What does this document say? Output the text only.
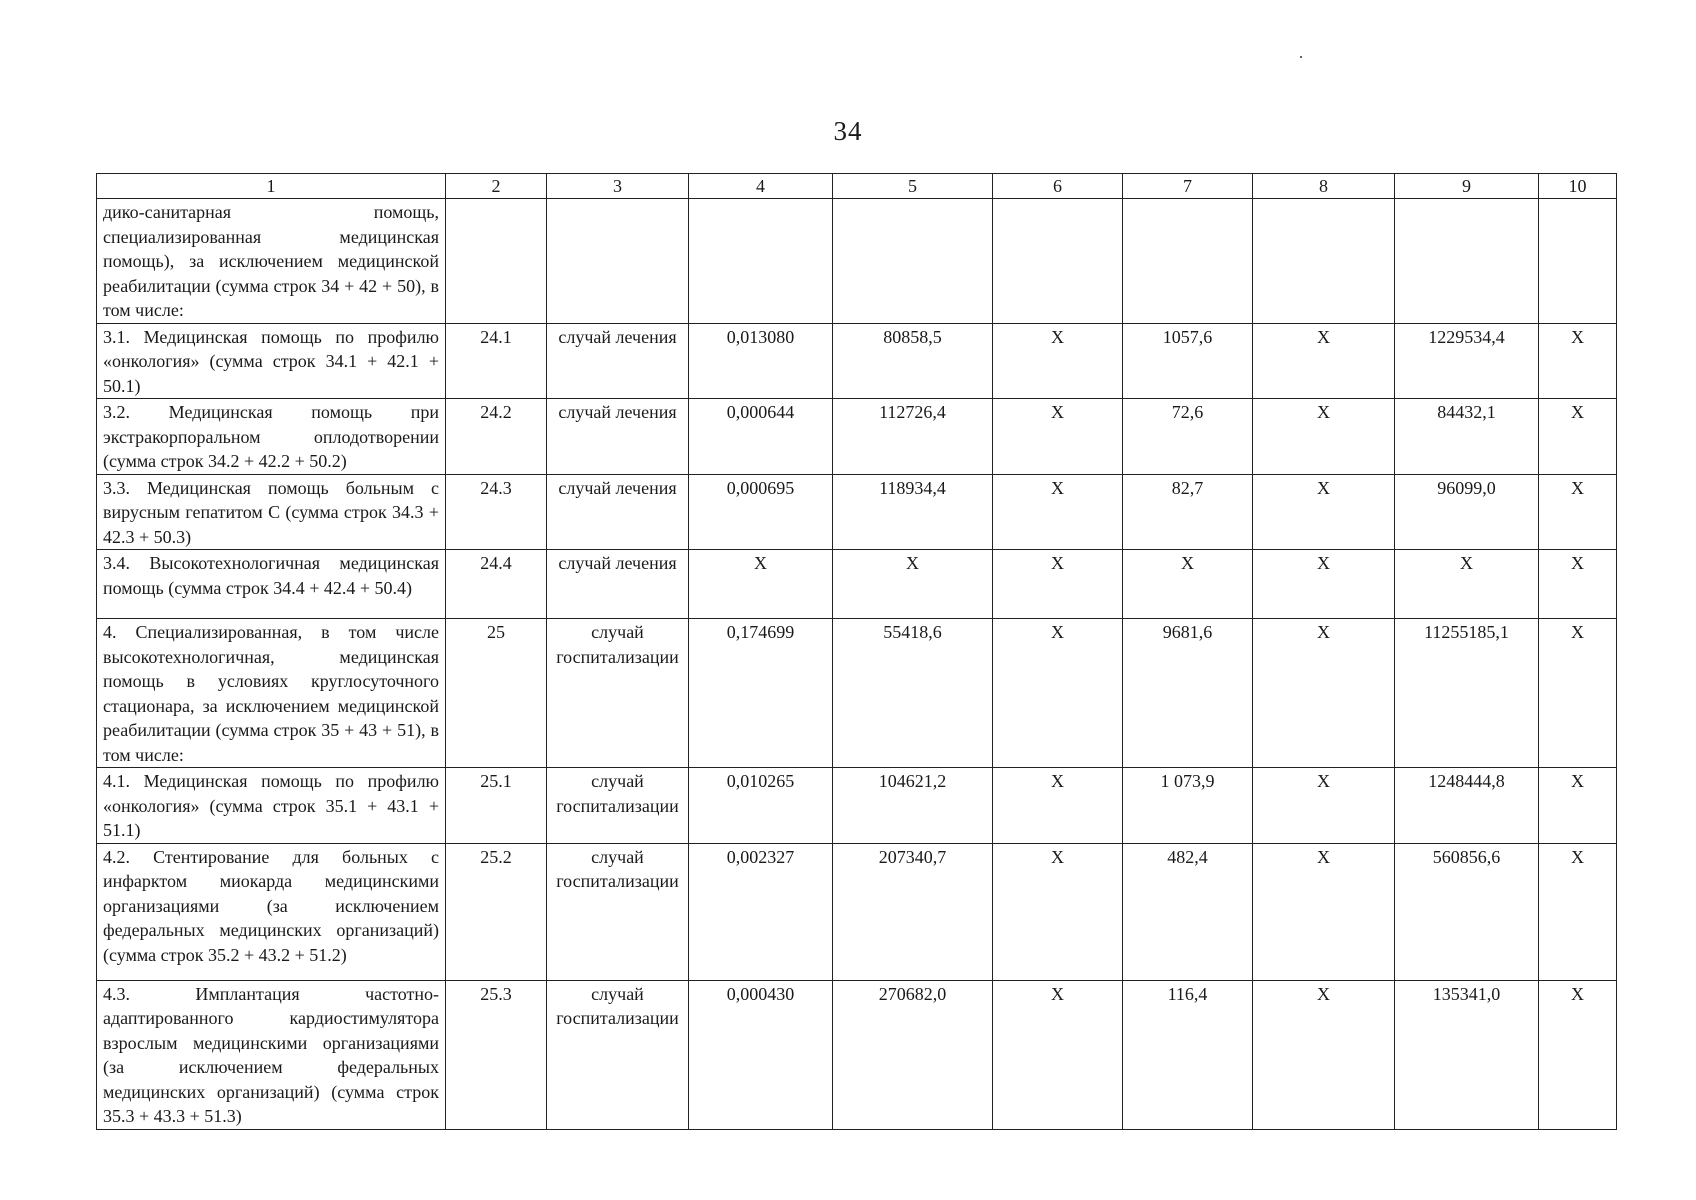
34
1	2	3	4	5	6	7	8	9	10
дико-санитарная помощь, специализированная медицинская помощь), за исключением медицинской реабилитации (сумма строк 34 + 42 + 50), в том числе:									
3.1. Медицинская помощь по профилю «онкология» (сумма строк 34.1 + 42.1 + 50.1)	24.1	случай лечения	0,013080	80858,5	Х	1057,6	Х	1229534,4	Х
3.2. Медицинская помощь при экстракорпоральном оплодотворении (сумма строк 34.2 + 42.2 + 50.2)	24.2	случай лечения	0,000644	112726,4	Х	72,6	Х	84432,1	Х
3.3. Медицинская помощь больным с вирусным гепатитом С (сумма строк 34.3 + 42.3 + 50.3)	24.3	случай лечения	0,000695	118934,4	Х	82,7	Х	96099,0	Х
3.4. Высокотехнологичная медицинская помощь (сумма строк 34.4 + 42.4 + 50.4)	24.4	случай лечения	Х	Х	Х	Х	Х	Х	Х
4. Специализированная, в том числе высокотехнологичная, медицинская помощь в условиях круглосуточного стационара, за исключением медицинской реабилитации (сумма строк 35 + 43 + 51), в том числе:	25	случай госпитализации	0,174699	55418,6	Х	9681,6	Х	11255185,1	Х
4.1. Медицинская помощь по профилю «онкология» (сумма строк 35.1 + 43.1 + 51.1)	25.1	случай госпитализации	0,010265	104621,2	Х	1 073,9	Х	1248444,8	Х
4.2. Стентирование для больных с инфарктом миокарда медицинскими организациями (за исключением федеральных медицинских организаций) (сумма строк 35.2 + 43.2 + 51.2)	25.2	случай госпитализации	0,002327	207340,7	Х	482,4	Х	560856,6	Х
4.3. Имплантация частотно-адаптированного кардиостимулятора взрослым медицинскими организациями (за исключением федеральных медицинских организаций) (сумма строк 35.3 + 43.3 + 51.3)	25.3	случай госпитализации	0,000430	270682,0	Х	116,4	Х	135341,0	Х
